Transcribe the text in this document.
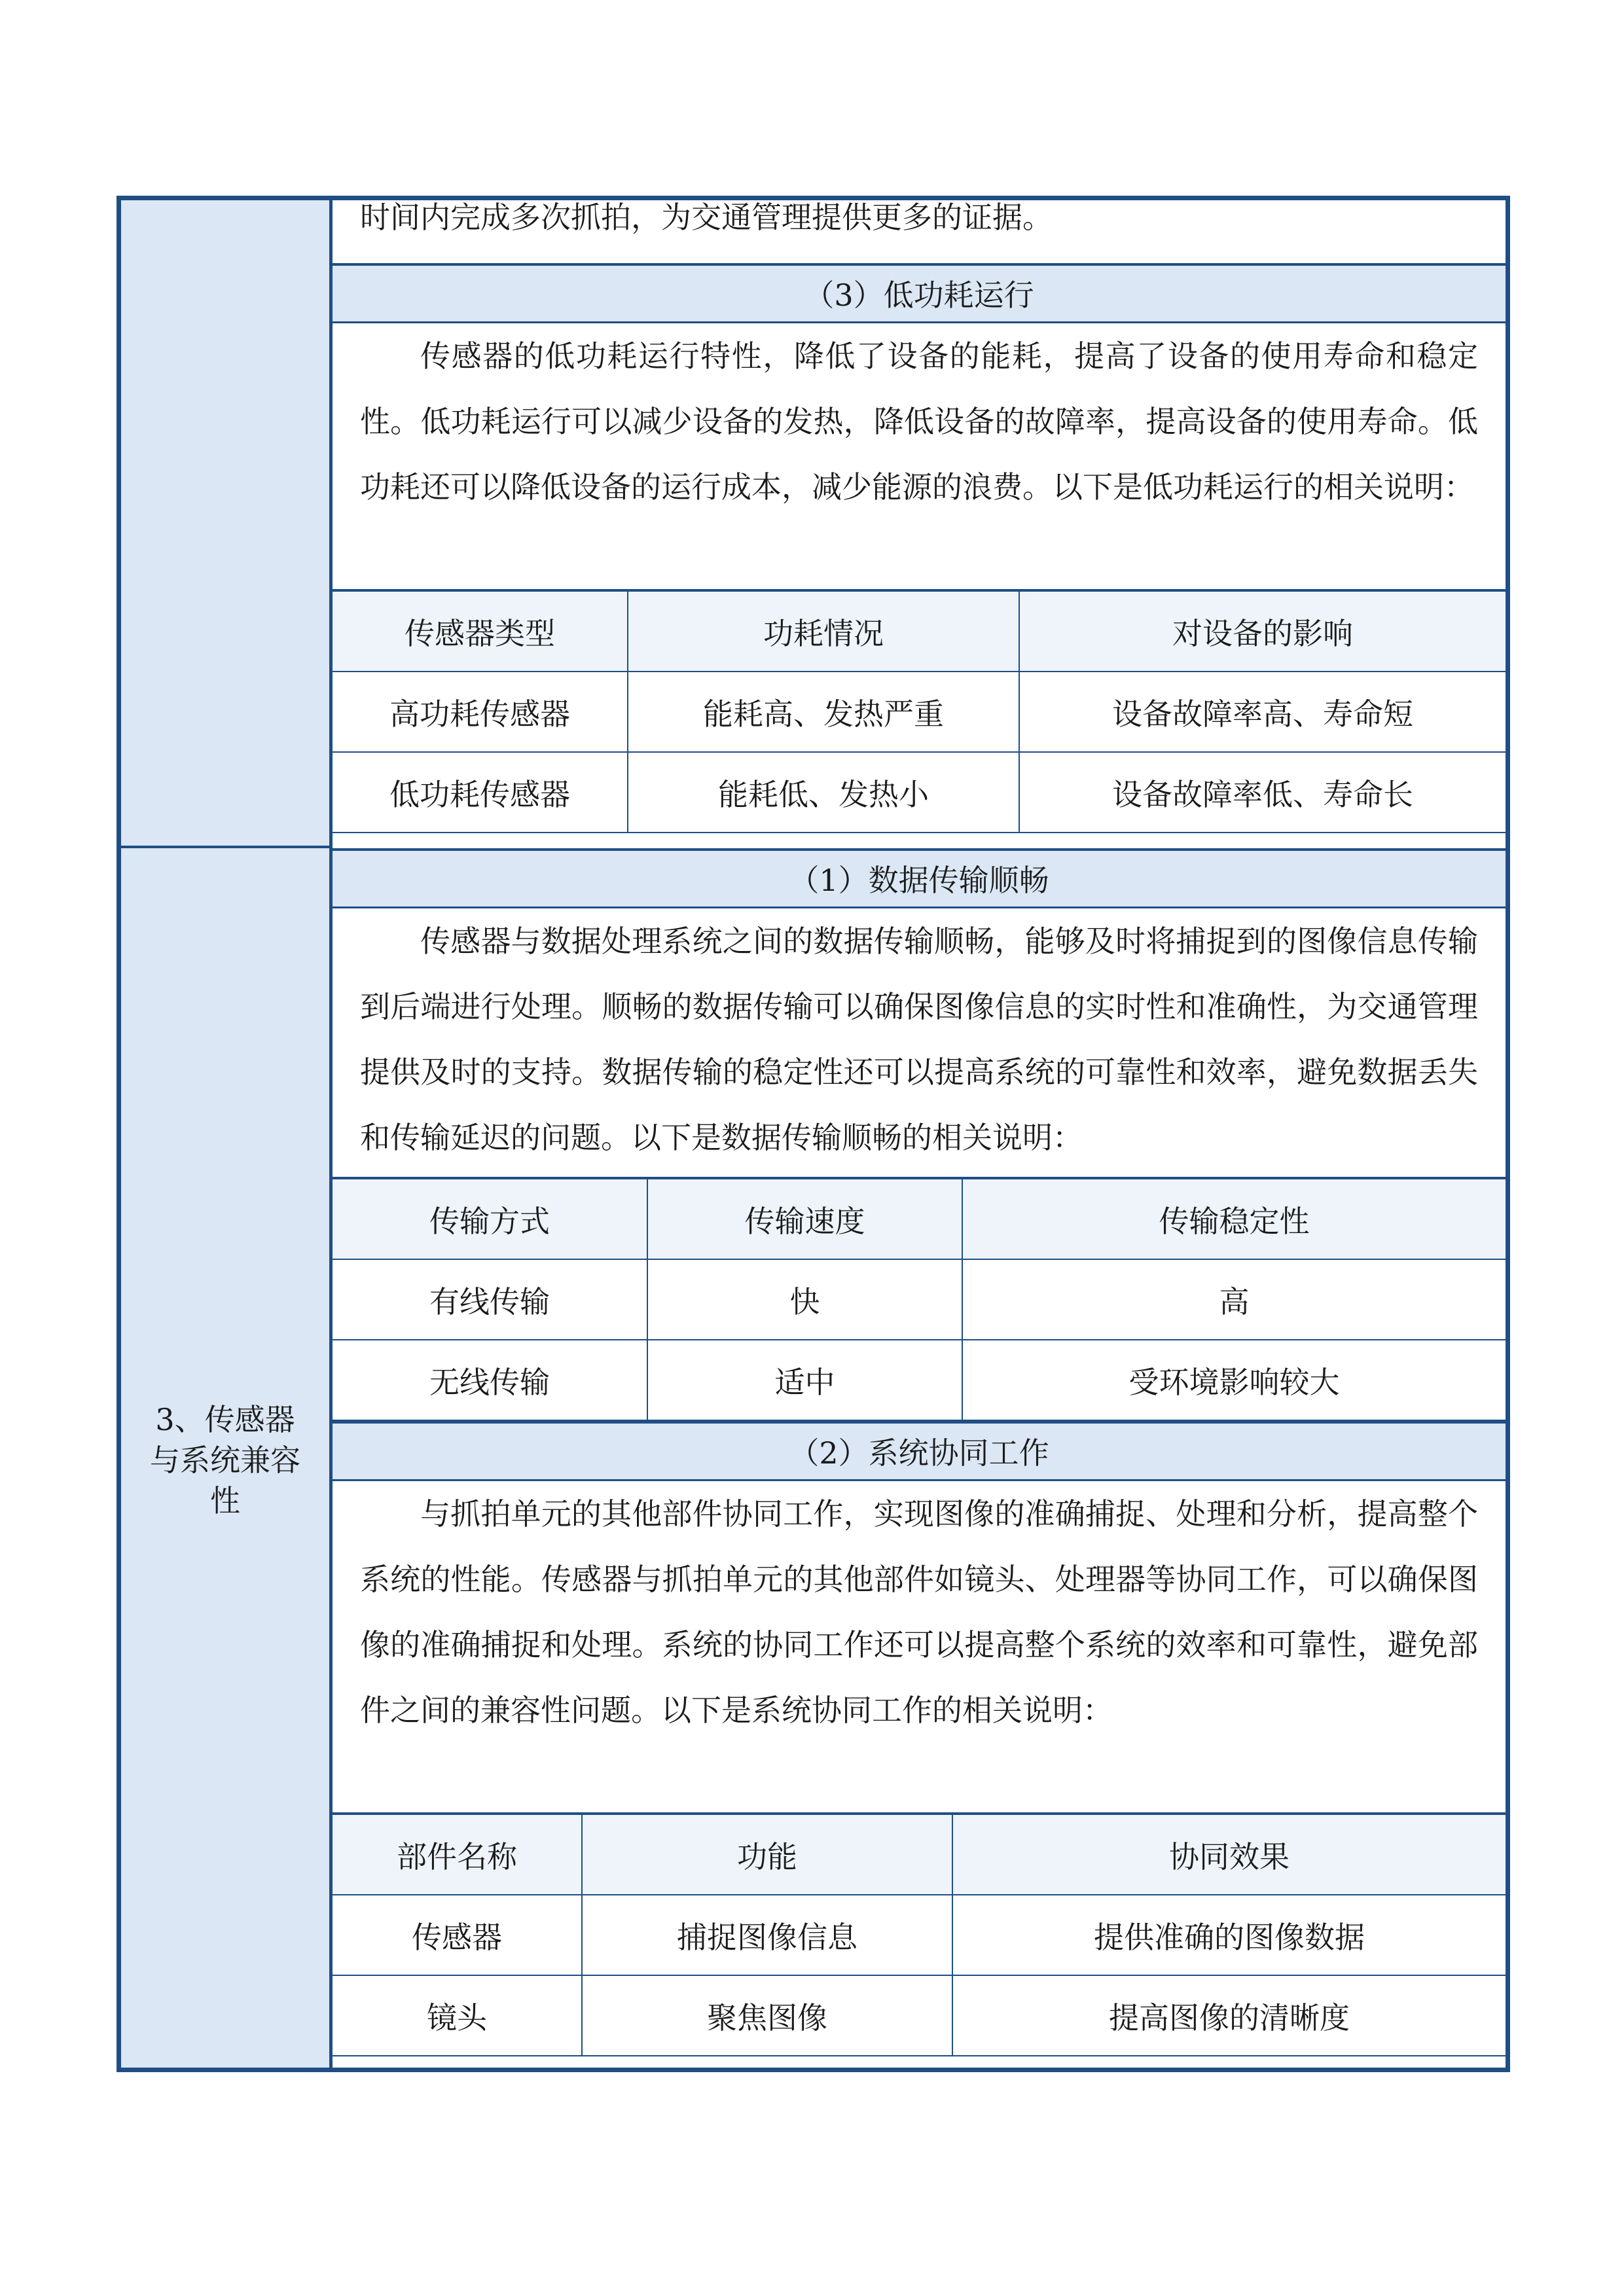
3、传感器与系统兼容性
时间内完成多次抓拍，为交通管理提供更多的证据。
（3）低功耗运行
传感器的低功耗运行特性，降低了设备的能耗，提高了设备的使用寿命和稳定性。低功耗运行可以减少设备的发热，降低设备的故障率，提高设备的使用寿命。低功耗还可以降低设备的运行成本，减少能源的浪费。以下是低功耗运行的相关说明：
传感器类型	功耗情况	对设备的影响
高功耗传感器	能耗高、发热严重	设备故障率高、寿命短
低功耗传感器	能耗低、发热小	设备故障率低、寿命长
（1）数据传输顺畅
传感器与数据处理系统之间的数据传输顺畅，能够及时将捕捉到的图像信息传输到后端进行处理。顺畅的数据传输可以确保图像信息的实时性和准确性，为交通管理提供及时的支持。数据传输的稳定性还可以提高系统的可靠性和效率，避免数据丢失和传输延迟的问题。以下是数据传输顺畅的相关说明：
传输方式	传输速度	传输稳定性
有线传输	快	高
无线传输	适中	受环境影响较大
（2）系统协同工作
与抓拍单元的其他部件协同工作，实现图像的准确捕捉、处理和分析，提高整个系统的性能。传感器与抓拍单元的其他部件如镜头、处理器等协同工作，可以确保图像的准确捕捉和处理。系统的协同工作还可以提高整个系统的效率和可靠性，避免部件之间的兼容性问题。以下是系统协同工作的相关说明：
部件名称	功能	协同效果
传感器	捕捉图像信息	提供准确的图像数据
镜头	聚焦图像	提高图像的清晰度
